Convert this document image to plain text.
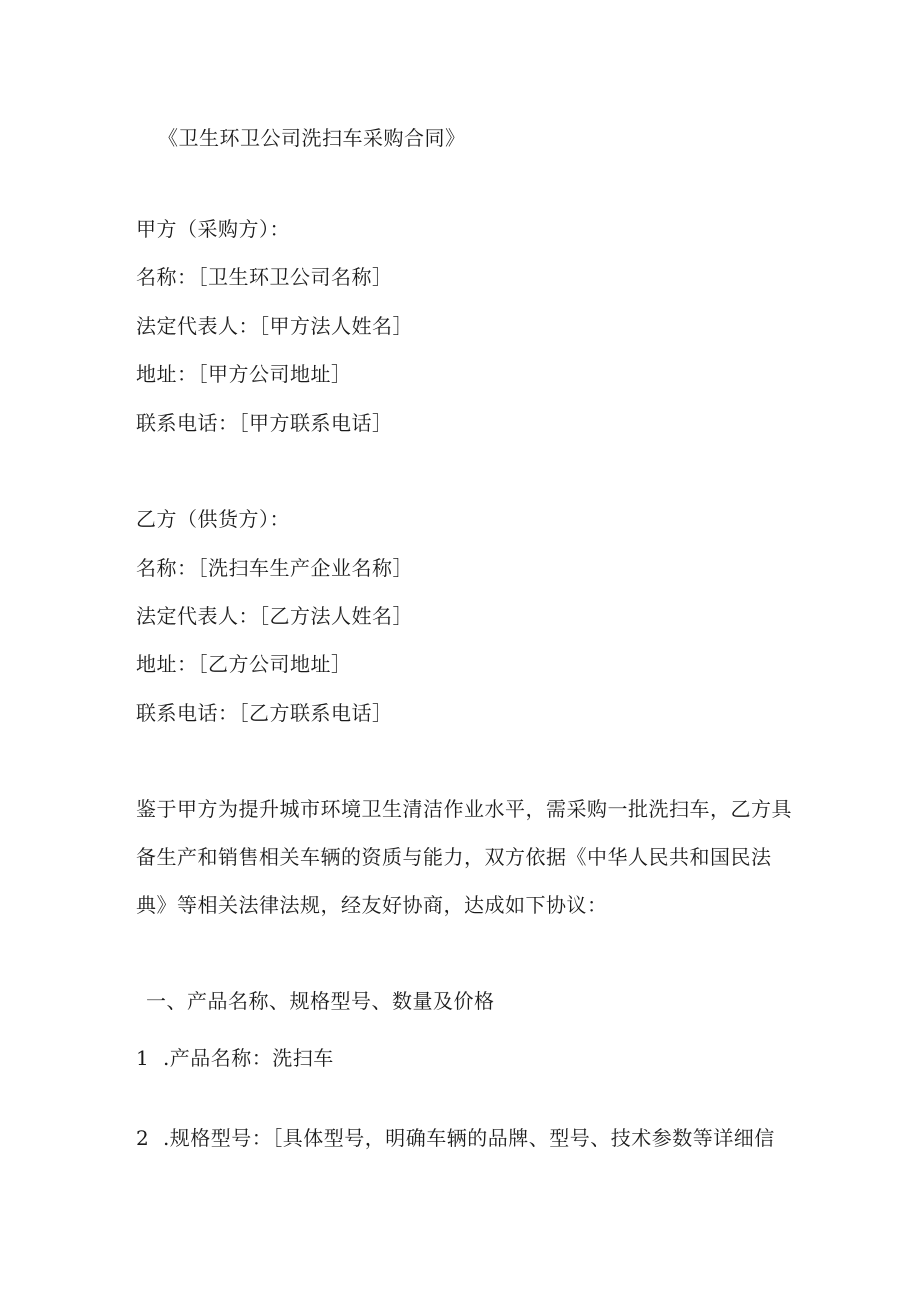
《卫生环卫公司洗扫车采购合同》
甲方（采购方）：
名称：［卫生环卫公司名称］
法定代表人：［甲方法人姓名］
地址：［甲方公司地址］
联系电话：［甲方联系电话］
乙方（供货方）：
名称：［洗扫车生产企业名称］
法定代表人：［乙方法人姓名］
地址：［乙方公司地址］
联系电话：［乙方联系电话］
鉴于甲方为提升城市环境卫生清洁作业水平，需采购一批洗扫车，乙方具
备生产和销售相关车辆的资质与能力，双方依据《中华人民共和国民法
典》等相关法律法规，经友好协商，达成如下协议：
一、产品名称、规格型号、数量及价格
1  .产品名称：洗扫车
2  .规格型号：［具体型号，明确车辆的品牌、型号、技术参数等详细信
